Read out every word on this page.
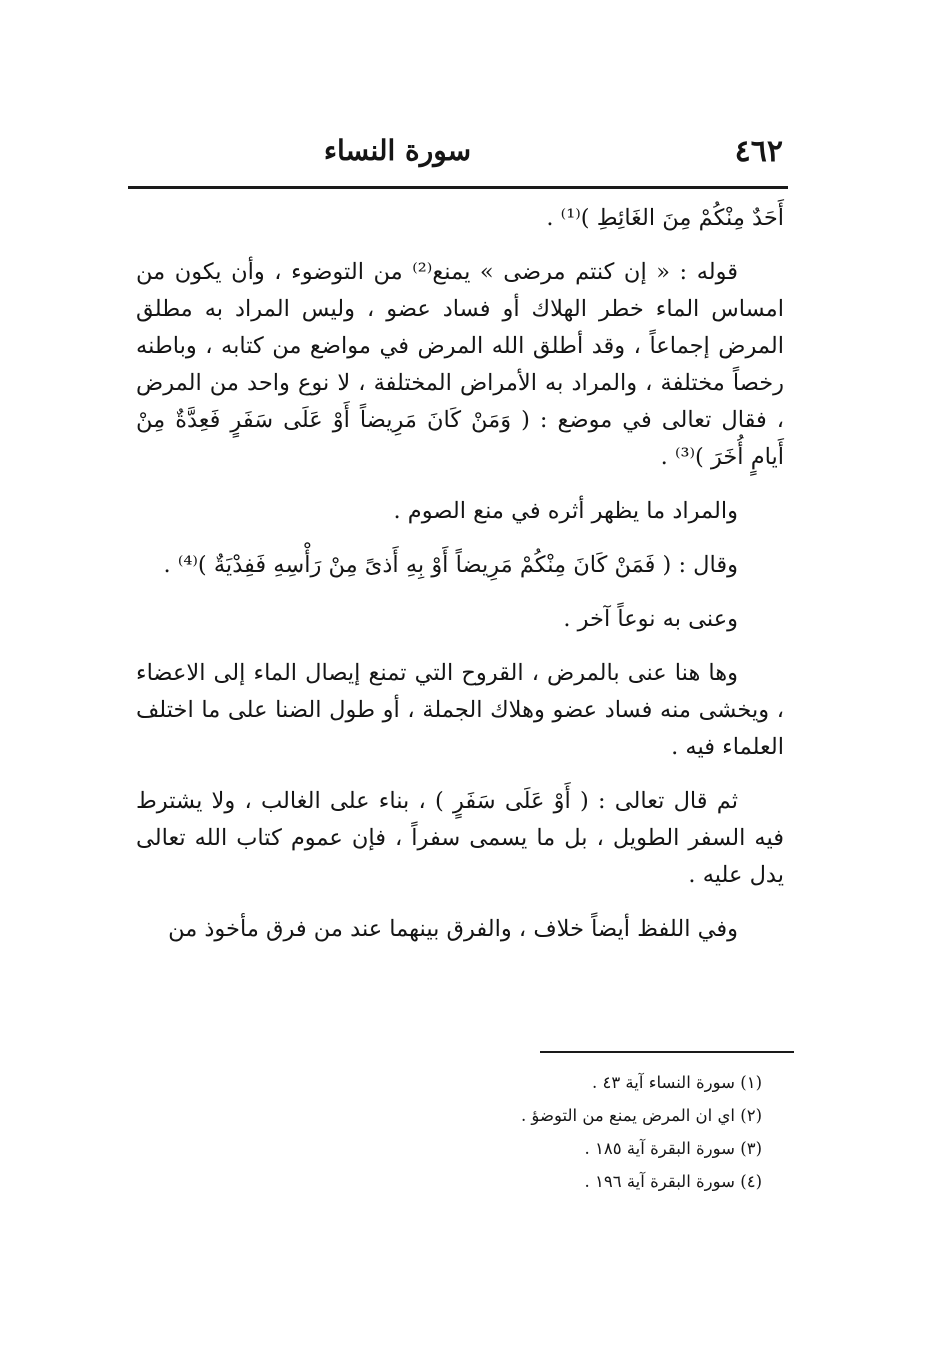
٤٦٢
سورة النساء

أَحَدٌ مِنْكُمْ مِنَ الغَائِطِ )⁽¹⁾ .

قوله : « إن كنتم مرضى » يمنع⁽²⁾ من التوضوء ، وأن يكون من امساس الماء خطر الهلاك أو فساد عضو ، وليس المراد به مطلق المرض إجماعاً ، وقد أطلق الله المرض في مواضع من كتابه ، وباطنه رخصاً مختلفة ، والمراد به الأمراض المختلفة ، لا نوع واحد من المرض ، فقال تعالى في موضع : ( وَمَنْ كَانَ مَرِيضاً أَوْ عَلَى سَفَرٍ فَعِدَّةٌ مِنْ أَيامٍ أُخَرَ )⁽³⁾ .

والمراد ما يظهر أثره في منع الصوم .

وقال : ( فَمَنْ كَانَ مِنْكُمْ مَرِيضاً أَوْ بِهِ أَذىً مِنْ رَأْسِهِ فَفِدْيَةٌ )⁽⁴⁾ .

وعنى به نوعاً آخر .

وها هنا عنى بالمرض ، القروح التي تمنع إيصال الماء إلى الاعضاء ، ويخشى منه فساد عضو وهلاك الجملة ، أو طول الضنا على ما اختلف العلماء فيه .

ثم قال تعالى : ( أَوْ عَلَى سَفَرٍ ) ، بناء على الغالب ، ولا يشترط فيه السفر الطويل ، بل ما يسمى سفراً ، فإن عموم كتاب الله تعالى يدل عليه .

وفي اللفظ أيضاً خلاف ، والفرق بينهما عند من فرق مأخوذ من

(١) سورة النساء آية ٤٣ .
(٢) اي ان المرض يمنع من التوضؤ .
(٣) سورة البقرة آية ١٨٥ .
(٤) سورة البقرة آية ١٩٦ .
